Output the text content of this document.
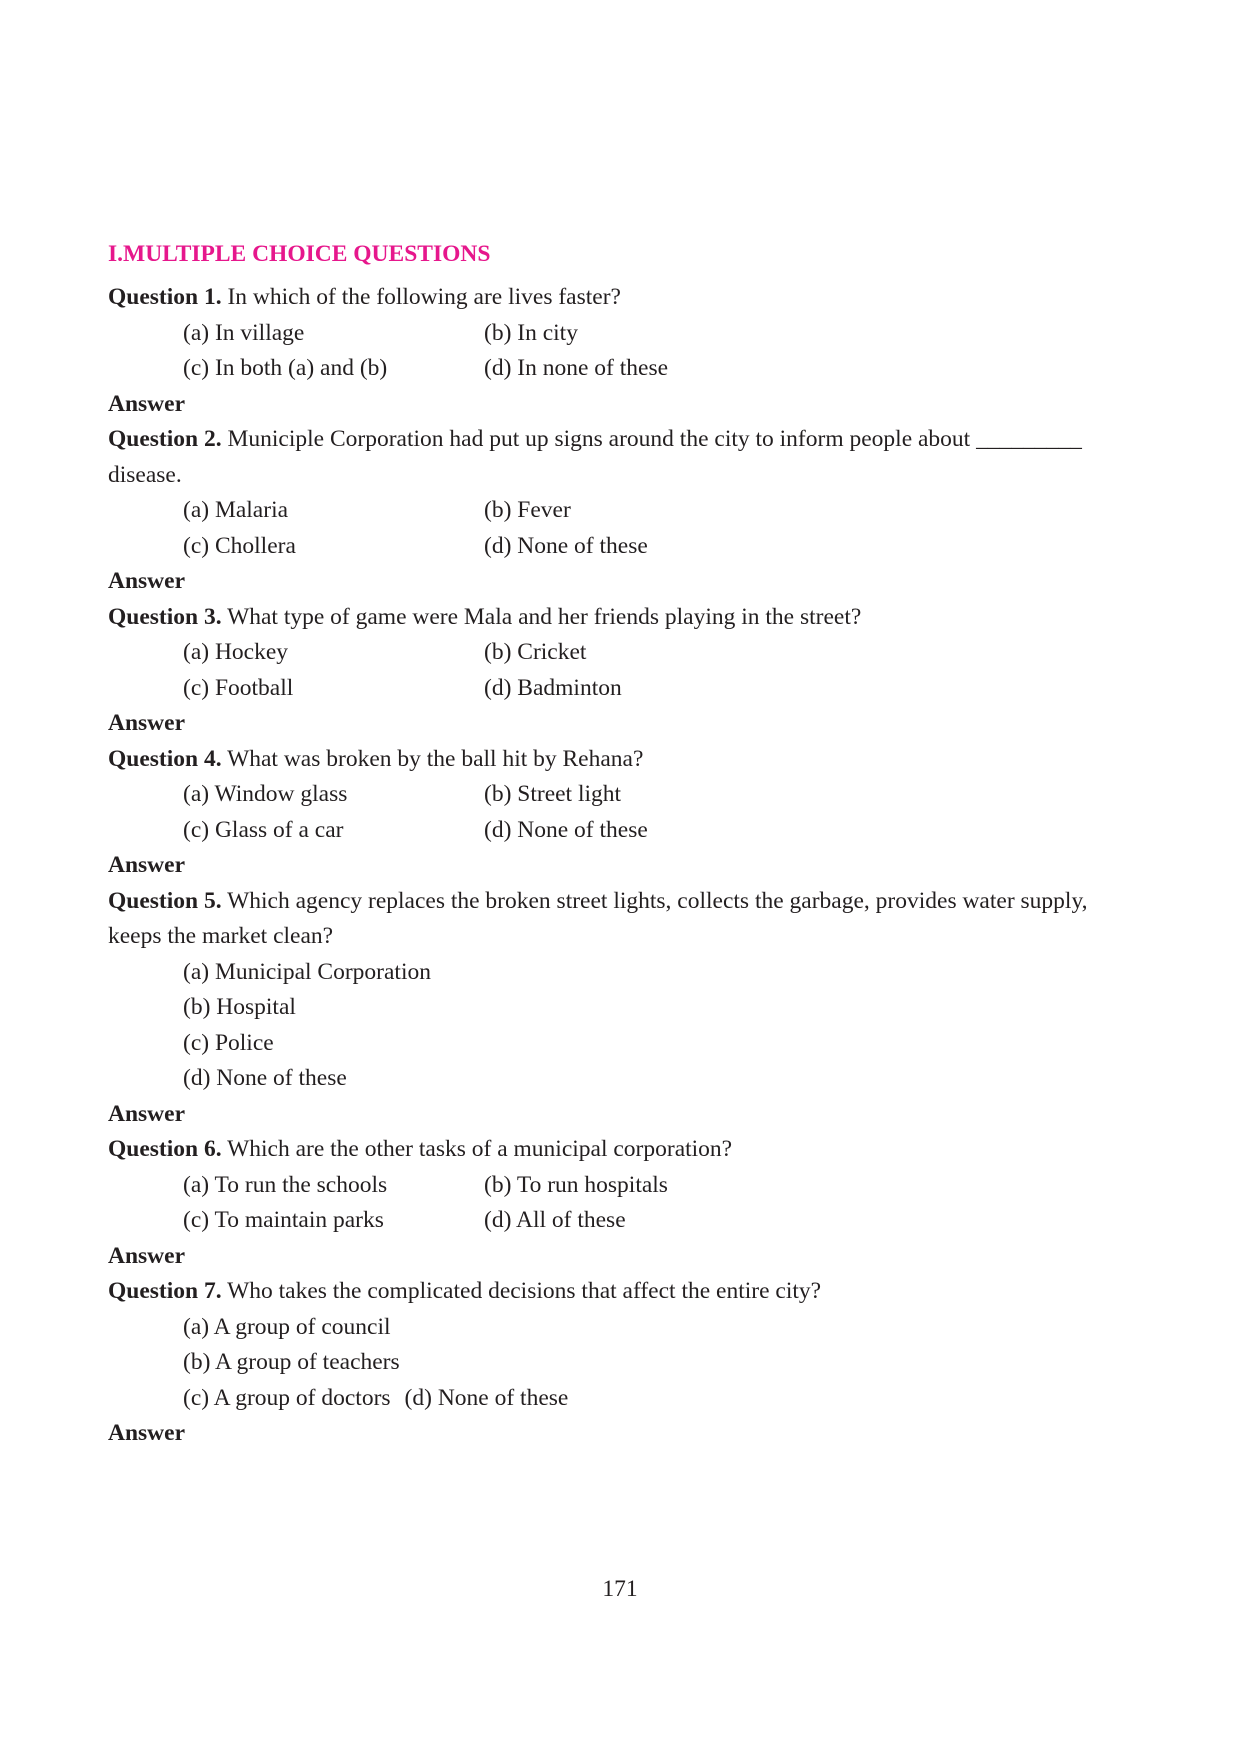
I.MULTIPLE CHOICE QUESTIONS

Question 1. In which of the following are lives faster?

(a) In village	(b) In city
(c) In both (a) and (b)	(d) In none of these

Answer

Question 2. Municiple Corporation had put up signs around the city to inform people about _________ disease.

(a) Malaria	(b) Fever
(c) Chollera	(d) None of these

Answer

Question 3. What type of game were Mala and her friends playing in the street?

(a) Hockey	(b) Cricket
(c) Football	(d) Badminton

Answer

Question 4. What was broken by the ball hit by Rehana?

(a) Window glass	(b) Street light
(c) Glass of a car	(d) None of these

Answer

Question 5. Which agency replaces the broken street lights, collects the garbage, provides water supply, keeps the market clean?

(a) Municipal Corporation
(b) Hospital
(c) Police
(d) None of these

Answer

Question 6. Which are the other tasks of a municipal corporation?

(a) To run the schools	(b) To run hospitals
(c) To maintain parks	(d) All of these

Answer

Question 7. Who takes the complicated decisions that affect the entire city?

(a) A group of council
(b) A group of teachers
(c) A group of doctors (d) None of these

Answer

171
